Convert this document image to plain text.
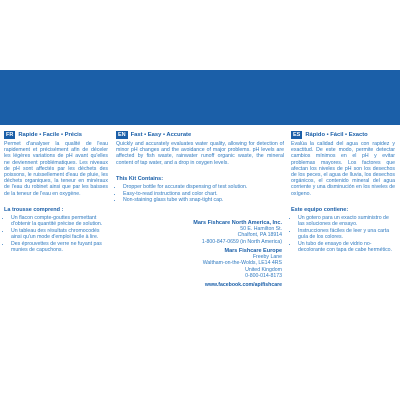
FR Rapide • Facile • Précis

Permet d'analyser la qualité de l'eau rapidement et précisément afin de déceler les légères variations de pH avant qu'elles ne deviennent problématiques. Les niveaux de pH sont affectés par les déchets des poissons, le ruissellement d'eau de pluie, les déchets organiques, la teneur en minéraux de l'eau du robinet ainsi que par les baisses de la teneur de l'eau en oxygène.

La trousse comprend :
• Un flacon compte-gouttes permettant d'obtenir la quantité précise de solution.
• Un tableau des résultats chromocodés ainsi qu'un mode d'emploi facile à lire.
• Des éprouvettes de verre ne fuyant pas munies de capuchons.
EN Fast • Easy • Accurate

Quickly and accurately evaluates water quality, allowing for detection of minor pH changes and the avoidance of major problems. pH levels are affected by fish waste, rainwater runoff organic waste, the mineral content of tap water, and a drop in oxygen levels.

This Kit Contains:
• Dropper bottle for accurate dispensing of test solution.
• Easy-to-read instructions and color chart.
• Non-staining glass tube with snap-tight cap.
Mars Fishcare North America, Inc.
50 E. Hamilton St.
Chalfont, PA 18914
1-800-847-0659 (in North America)
Mars Fishcare Europe
Freeby Lane
Waltham-on-the-Wolds, LE14 4RS
United Kingdom
0-800-014-8173
www.facebook.com/apifishcare
ES Rápido • Fácil • Exacto

Evalúa la calidad del agua con rapidez y exactitud. De este modo, permite detectar cambios mínimos en el pH y evitar problemas mayores. Los factores que afectan los niveles de pH son los desechos de los peces, el agua de lluvia, los desechos orgánicos, el contenido mineral del agua corriente y una disminución en los niveles de oxígeno.

Este equipo contiene:
• Un gotero para un exacto suministro de las soluciones de ensayo.
• Instrucciones fáciles de leer y una carta guía de los colores.
• Un tubo de ensayo de vidrio no-decolorante con tapa de cabe hermético.
